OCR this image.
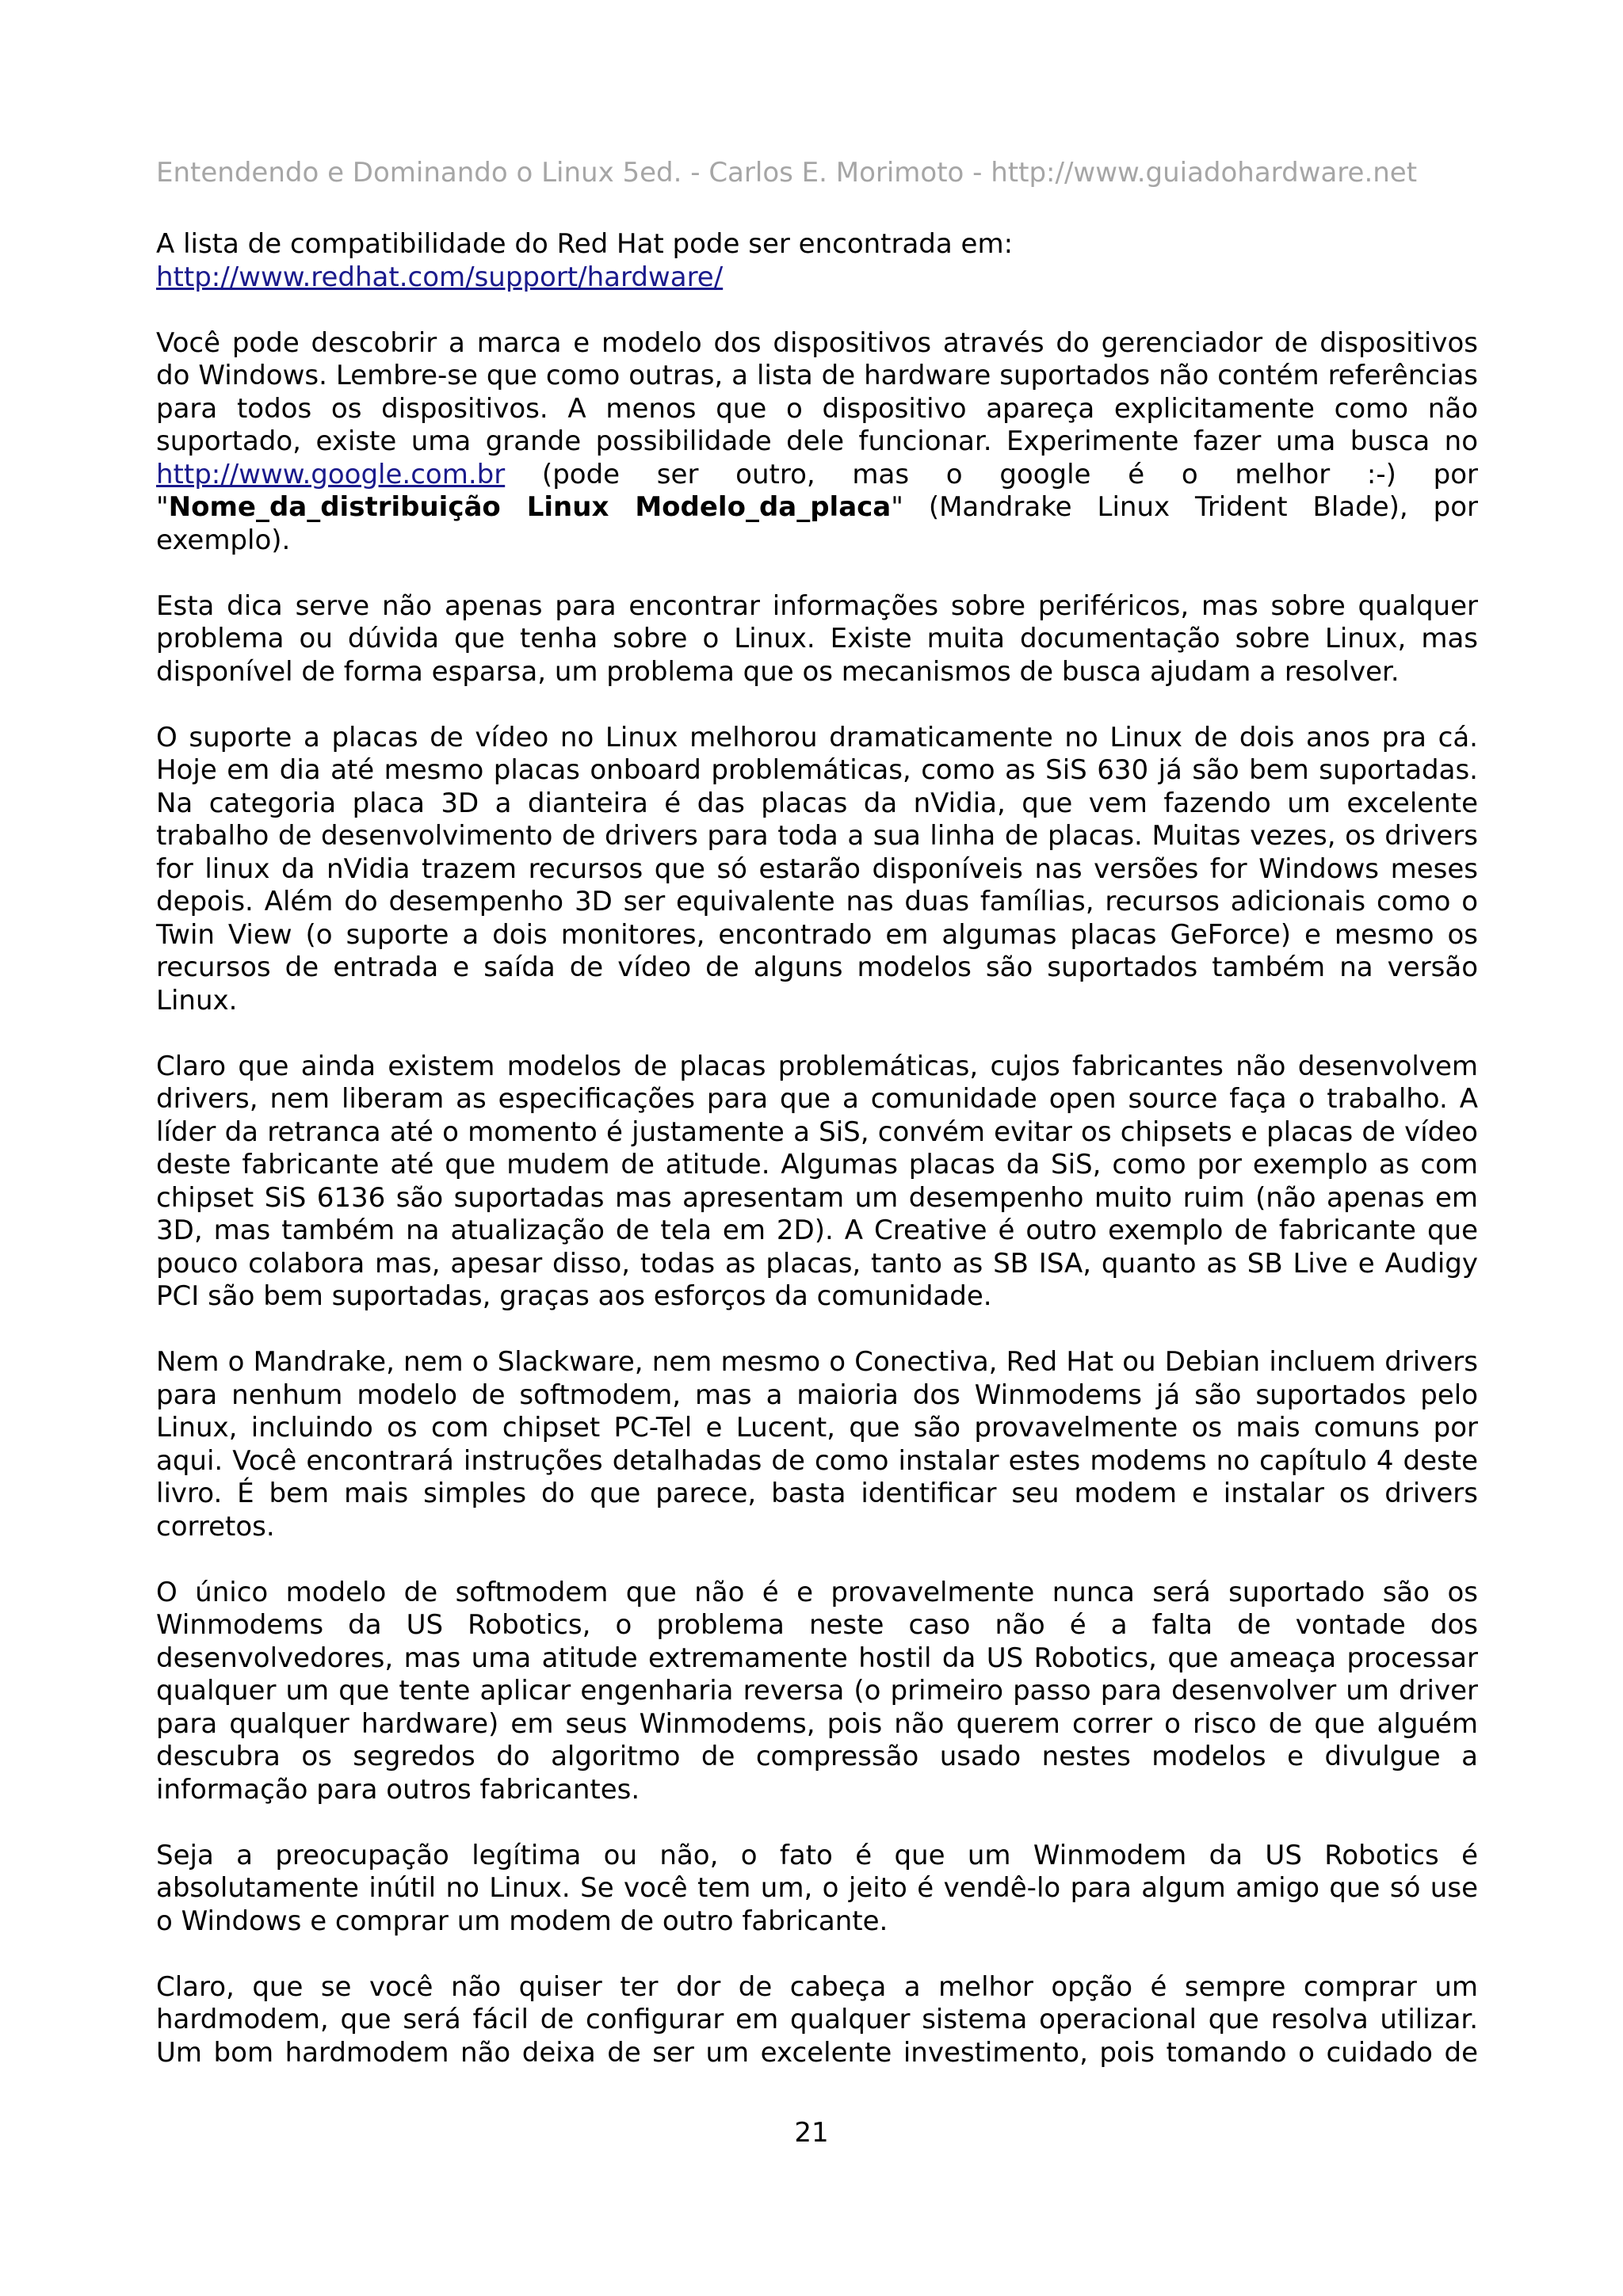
Entendendo e Dominando o Linux 5ed. - Carlos E. Morimoto - http://www.guiadohardware.net

A lista de compatibilidade do Red Hat pode ser encontrada em:
http://www.redhat.com/support/hardware/

Você pode descobrir a marca e modelo dos dispositivos através do gerenciador de dispositivos do Windows. Lembre-se que como outras, a lista de hardware suportados não contém referências para todos os dispositivos. A menos que o dispositivo apareça explicitamente como não suportado, existe uma grande possibilidade dele funcionar. Experimente fazer uma busca no http://www.google.com.br (pode ser outro, mas o google é o melhor :-) por "Nome_da_distribuição Linux Modelo_da_placa" (Mandrake Linux Trident Blade), por exemplo).

Esta dica serve não apenas para encontrar informações sobre periféricos, mas sobre qualquer problema ou dúvida que tenha sobre o Linux. Existe muita documentação sobre Linux, mas disponível de forma esparsa, um problema que os mecanismos de busca ajudam a resolver.

O suporte a placas de vídeo no Linux melhorou dramaticamente no Linux de dois anos pra cá. Hoje em dia até mesmo placas onboard problemáticas, como as SiS 630 já são bem suportadas. Na categoria placa 3D a dianteira é das placas da nVidia, que vem fazendo um excelente trabalho de desenvolvimento de drivers para toda a sua linha de placas. Muitas vezes, os drivers for linux da nVidia trazem recursos que só estarão disponíveis nas versões for Windows meses depois. Além do desempenho 3D ser equivalente nas duas famílias, recursos adicionais como o Twin View (o suporte a dois monitores, encontrado em algumas placas GeForce) e mesmo os recursos de entrada e saída de vídeo de alguns modelos são suportados também na versão Linux.

Claro que ainda existem modelos de placas problemáticas, cujos fabricantes não desenvolvem drivers, nem liberam as especificações para que a comunidade open source faça o trabalho. A líder da retranca até o momento é justamente a SiS, convém evitar os chipsets e placas de vídeo deste fabricante até que mudem de atitude. Algumas placas da SiS, como por exemplo as com chipset SiS 6136 são suportadas mas apresentam um desempenho muito ruim (não apenas em 3D, mas também na atualização de tela em 2D). A Creative é outro exemplo de fabricante que pouco colabora mas, apesar disso, todas as placas, tanto as SB ISA, quanto as SB Live e Audigy PCI são bem suportadas, graças aos esforços da comunidade.

Nem o Mandrake, nem o Slackware, nem mesmo o Conectiva, Red Hat ou Debian incluem drivers para nenhum modelo de softmodem, mas a maioria dos Winmodems já são suportados pelo Linux, incluindo os com chipset PC-Tel e Lucent, que são provavelmente os mais comuns por aqui. Você encontrará instruções detalhadas de como instalar estes modems no capítulo 4 deste livro. É bem mais simples do que parece, basta identificar seu modem e instalar os drivers corretos.

O único modelo de softmodem que não é e provavelmente nunca será suportado são os Winmodems da US Robotics, o problema neste caso não é a falta de vontade dos desenvolvedores, mas uma atitude extremamente hostil da US Robotics, que ameaça processar qualquer um que tente aplicar engenharia reversa (o primeiro passo para desenvolver um driver para qualquer hardware) em seus Winmodems, pois não querem correr o risco de que alguém descubra os segredos do algoritmo de compressão usado nestes modelos e divulgue a informação para outros fabricantes.

Seja a preocupação legítima ou não, o fato é que um Winmodem da US Robotics é absolutamente inútil no Linux. Se você tem um, o jeito é vendê-lo para algum amigo que só use o Windows e comprar um modem de outro fabricante.

Claro, que se você não quiser ter dor de cabeça a melhor opção é sempre comprar um hardmodem, que será fácil de configurar em qualquer sistema operacional que resolva utilizar. Um bom hardmodem não deixa de ser um excelente investimento, pois tomando o cuidado de

21
